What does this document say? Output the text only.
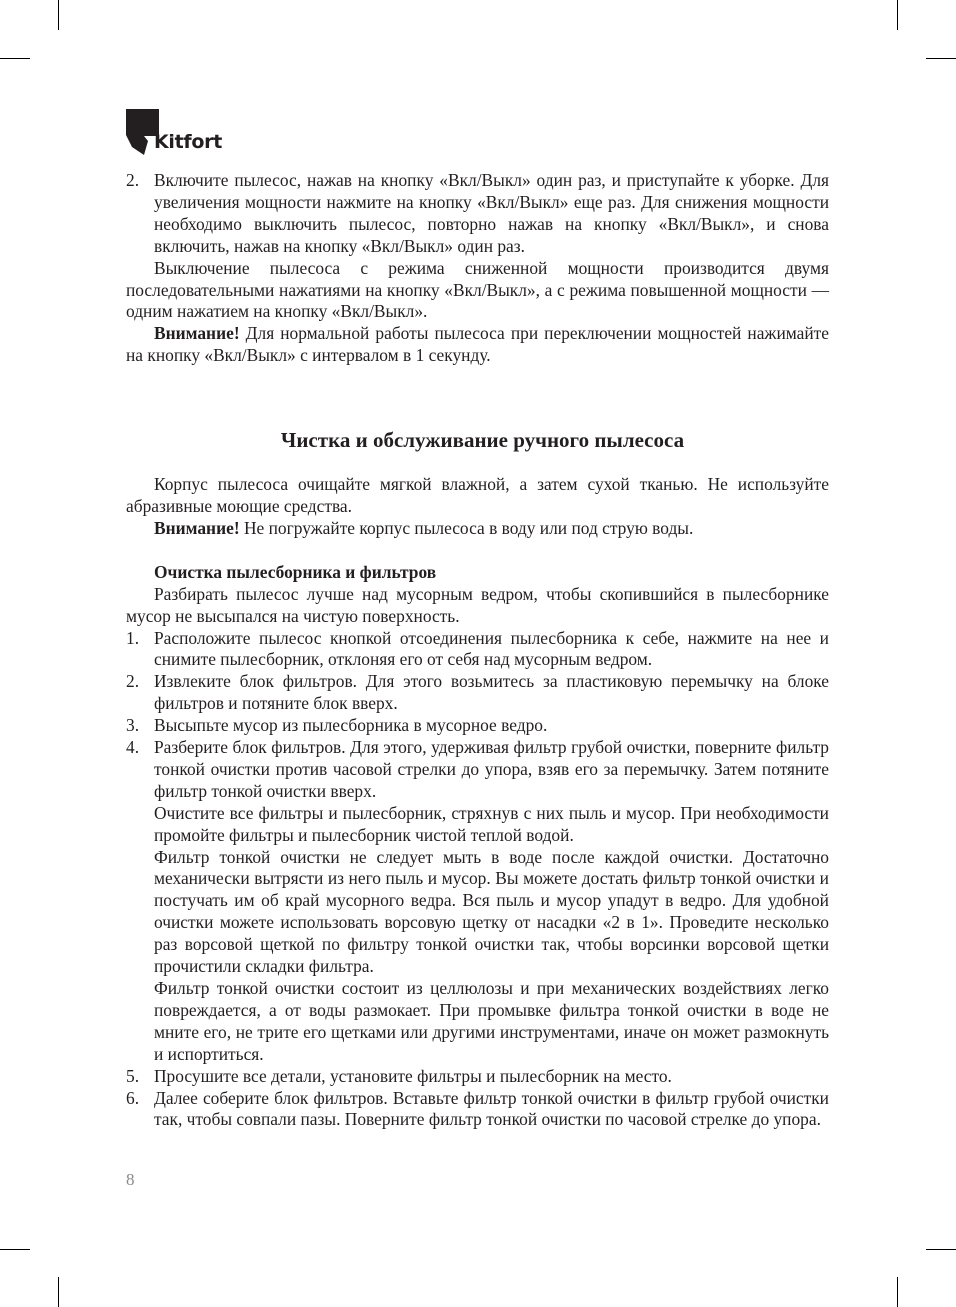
Kitfort
2. Включите пылесос, нажав на кнопку «Вкл/Выкл» один раз, и приступайте к уборке. Для увеличения мощности нажмите на кнопку «Вкл/Выкл» еще раз. Для снижения мощности необходимо выключить пылесос, повторно нажав на кнопку «Вкл/Выкл», и снова включить, нажав на кнопку «Вкл/Выкл» один раз.

Выключение пылесоса с режима сниженной мощности производится двумя последовательными нажатиями на кнопку «Вкл/Выкл», а с режима повышенной мощности — одним нажатием на кнопку «Вкл/Выкл».

Внимание! Для нормальной работы пылесоса при переключении мощностей нажимайте на кнопку «Вкл/Выкл» с интервалом в 1 секунду.

Чистка и обслуживание ручного пылесоса

Корпус пылесоса очищайте мягкой влажной, а затем сухой тканью. Не используйте абразивные моющие средства.

Внимание! Не погружайте корпус пылесоса в воду или под струю воды.

Очистка пылесборника и фильтров

Разбирать пылесос лучше над мусорным ведром, чтобы скопившийся в пылесборнике мусор не высыпался на чистую поверхность.

1. Расположите пылесос кнопкой отсоединения пылесборника к себе, нажмите на нее и снимите пылесборник, отклоняя его от себя над мусорным ведром.
2. Извлеките блок фильтров. Для этого возьмитесь за пластиковую перемычку на блоке фильтров и потяните блок вверх.
3. Высыпьте мусор из пылесборника в мусорное ведро.
4. Разберите блок фильтров. Для этого, удерживая фильтр грубой очистки, поверните фильтр тонкой очистки против часовой стрелки до упора, взяв его за перемычку. Затем потяните фильтр тонкой очистки вверх.

Очистите все фильтры и пылесборник, стряхнув с них пыль и мусор. При необходимости промойте фильтры и пылесборник чистой теплой водой.

Фильтр тонкой очистки не следует мыть в воде после каждой очистки. Достаточно механически вытрясти из него пыль и мусор. Вы можете достать фильтр тонкой очистки и постучать им об край мусорного ведра. Вся пыль и мусор упадут в ведро. Для удобной очистки можете использовать ворсовую щетку от насадки «2 в 1». Проведите несколько раз ворсовой щеткой по фильтру тонкой очистки так, чтобы ворсинки ворсовой щетки прочистили складки фильтра.

Фильтр тонкой очистки состоит из целлюлозы и при механических воздействиях легко повреждается, а от воды размокает. При промывке фильтра тонкой очистки в воде не мните его, не трите его щетками или другими инструментами, иначе он может размокнуть и испортиться.

5. Просушите все детали, установите фильтры и пылесборник на место.
6. Далее соберите блок фильтров. Вставьте фильтр тонкой очистки в фильтр грубой очистки так, чтобы совпали пазы. Поверните фильтр тонкой очистки по часовой стрелке до упора.
8
